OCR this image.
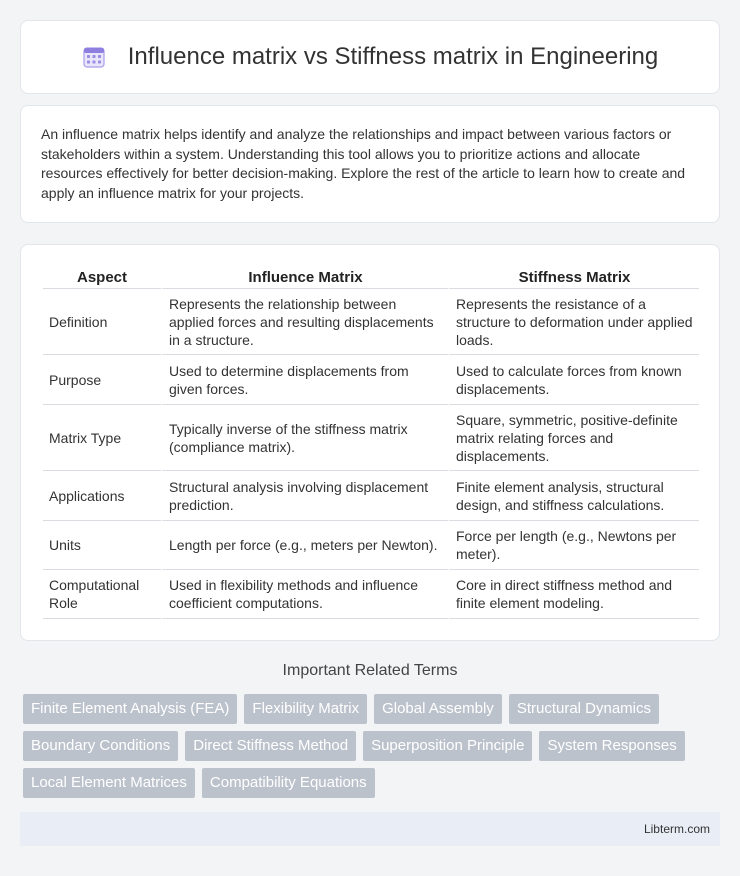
Influence matrix vs Stiffness matrix in Engineering

An influence matrix helps identify and analyze the relationships and impact between various factors or stakeholders within a system. Understanding this tool allows you to prioritize actions and allocate resources effectively for better decision-making. Explore the rest of the article to learn how to create and apply an influence matrix for your projects.

Aspect	Influence Matrix	Stiffness Matrix
Definition	Represents the relationship between applied forces and resulting displacements in a structure.	Represents the resistance of a structure to deformation under applied loads.
Purpose	Used to determine displacements from given forces.	Used to calculate forces from known displacements.
Matrix Type	Typically inverse of the stiffness matrix (compliance matrix).	Square, symmetric, positive-definite matrix relating forces and displacements.
Applications	Structural analysis involving displacement prediction.	Finite element analysis, structural design, and stiffness calculations.
Units	Length per force (e.g., meters per Newton).	Force per length (e.g., Newtons per meter).
Computational Role	Used in flexibility methods and influence coefficient computations.	Core in direct stiffness method and finite element modeling.
Important Related Terms
Finite Element Analysis (FEA)	Flexibility Matrix	Global Assembly	Structural Dynamics
Boundary Conditions	Direct Stiffness Method	Superposition Principle	System Responses
Local Element Matrices	Compatibility Equations
Libterm.com
